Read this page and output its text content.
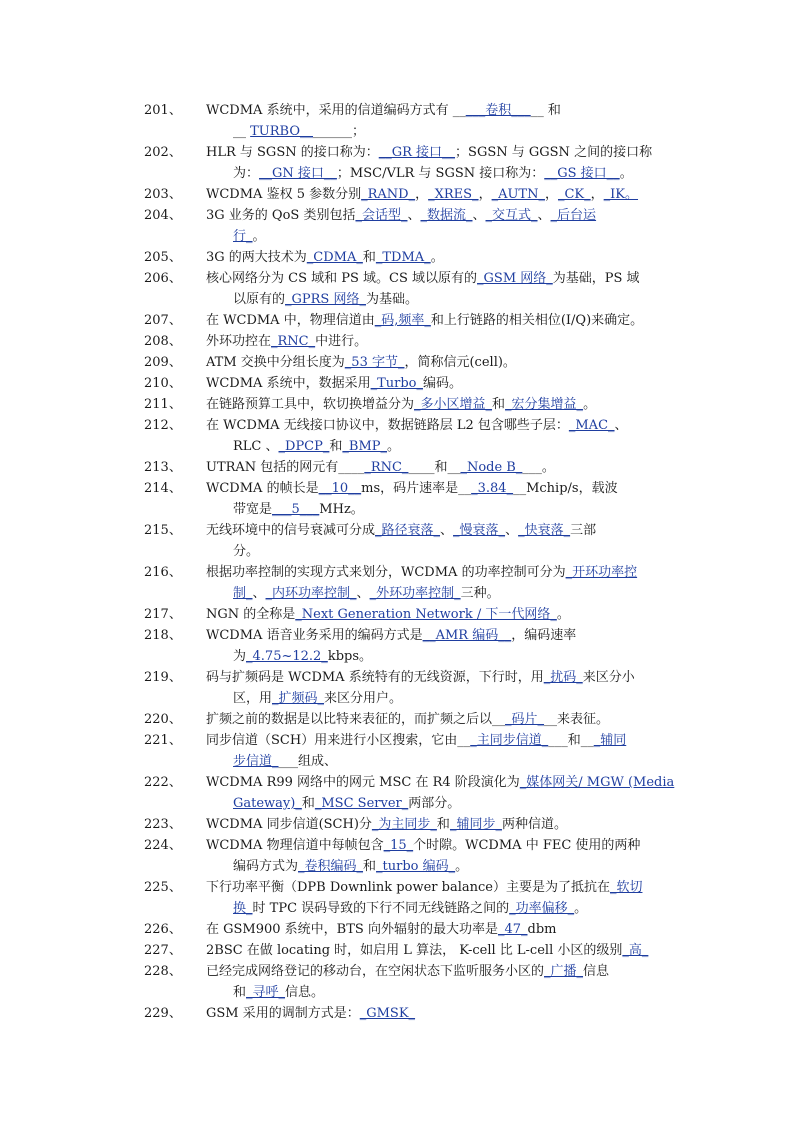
201、	WCDMA 系统中，采用的信道编码方式有 _____卷积_____ 和
__ TURBO________；
202、	HLR 与 SGSN 的接口称为：__GR 接口__；SGSN 与 GGSN 之间的接口称
为：__GN 接口__；MSC/VLR 与 SGSN 接口称为：__GS 接口__。
203、	WCDMA 鉴权 5 参数分别_RAND_，_XRES_，_AUTN_，_CK_，_IK。
204、	3G 业务的 QoS 类别包括_会话型_、_数据流_、_交互式_、_后台运
行_。
205、	3G 的两大技术为_CDMA_和_TDMA_。
206、	核心网络分为 CS 域和 PS 域。CS 域以原有的_GSM 网络_为基础，PS 域
以原有的_GPRS 网络_为基础。
207、	在 WCDMA 中，物理信道由_码,频率_和上行链路的相关相位(I/Q)来确定。
208、	外环功控在_RNC_中进行。
209、	ATM 交换中分组长度为_53 字节_，简称信元(cell)。
210、	WCDMA 系统中，数据采用_Turbo_编码。
211、	在链路预算工具中，软切换增益分为_多小区增益_和_宏分集增益_。
212、	在 WCDMA 无线接口协议中，数据链路层 L2 包含哪些子层：_MAC_、
RLC 、_DPCP_和_BMP_。
213、	UTRAN 包括的网元有_____RNC_____和___Node B____。
214、	WCDMA 的帧长是__10__ms，码片速率是___3.84___Mchip/s，载波
带宽是___5___MHz。
215、	无线环境中的信号衰减可分成_路径衰落_、_慢衰落_、_快衰落_三部
分。
216、	根据功率控制的实现方式来划分，WCDMA 的功率控制可分为_开环功率控
制_、_内环功率控制_、_外环功率控制_三种。
217、	NGN 的全称是_Next Generation Network / 下一代网络_。
218、	WCDMA 语音业务采用的编码方式是__AMR 编码__，编码速率
为_4.75~12.2_kbps。
219、	码与扩频码是 WCDMA 系统特有的无线资源，下行时，用_扰码_来区分小
区，用_扩频码_来区分用户。
220、	扩频之前的数据是以比特来表征的，而扩频之后以___码片___来表征。
221、	同步信道（SCH）用来进行小区搜索，它由___主同步信道____和___辅同
步信道____组成、
222、	WCDMA R99 网络中的网元 MSC 在 R4 阶段演化为_媒体网关/ MGW (Media
Gateway)_和_MSC Server_两部分。
223、	WCDMA 同步信道(SCH)分_为主同步_和_辅同步_两种信道。
224、	WCDMA 物理信道中每帧包含_15_个时隙。WCDMA 中 FEC 使用的两种
编码方式为_卷积编码_和_turbo 编码_。
225、	下行功率平衡（DPB Downlink power balance）主要是为了抵抗在_软切
换_时 TPC 误码导致的下行不同无线链路之间的_功率偏移_。
226、	在 GSM900 系统中，BTS 向外辐射的最大功率是_47_dbm
227、	2BSC 在做 locating 时，如启用 L 算法， K-cell 比 L-cell 小区的级别_高_
228、	已经完成网络登记的移动台，在空闲状态下监听服务小区的_广播_信息
和_寻呼_信息。
229、	GSM 采用的调制方式是：_GMSK_
